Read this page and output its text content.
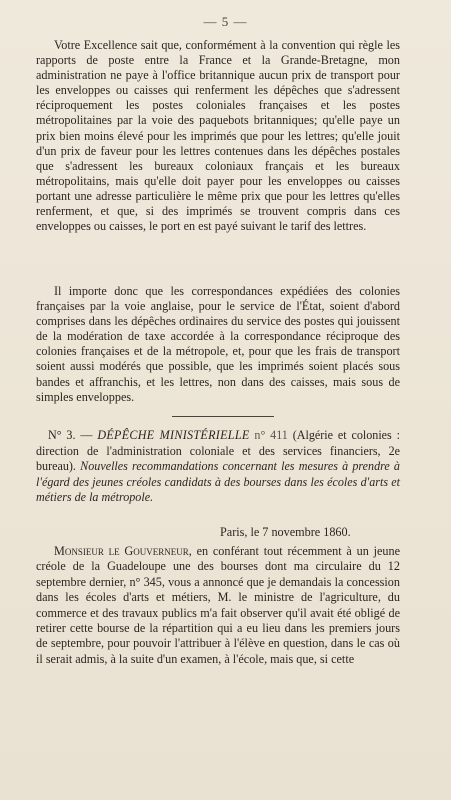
— 5 —

Votre Excellence sait que, conformément à la convention qui règle les rapports de poste entre la France et la Grande-Bretagne, mon administration ne paye à l'office britannique aucun prix de transport pour les enveloppes ou caisses qui renferment les dépêches que s'adressent réciproquement les postes coloniales françaises et les postes métropolitaines par la voie des paquebots britanniques; qu'elle paye un prix bien moins élevé pour les imprimés que pour les lettres; qu'elle jouit d'un prix de faveur pour les lettres contenues dans les dépêches postales que s'adressent les bureaux coloniaux français et les bureaux métropolitains, mais qu'elle doit payer pour les enveloppes ou caisses portant une adresse particulière le même prix que pour les lettres qu'elles renferment, et que, si des imprimés se trouvent compris dans ces enveloppes ou caisses, le port en est payé suivant le tarif des lettres.

Il importe donc que les correspondances expédiées des colonies françaises par la voie anglaise, pour le service de l'État, soient d'abord comprises dans les dépêches ordinaires du service des postes qui jouissent de la modération de taxe accordée à la correspondance réciproque des colonies françaises et de la métropole, et, pour que les frais de transport soient aussi modérés que possible, que les imprimés soient placés sous bandes et affranchis, et les lettres, non dans des caisses, mais sous de simples enveloppes.

N° 3. — DÉPÊCHE MINISTÉRIELLE n° 411 (Algérie et colonies : direction de l'administration coloniale et des services financiers, 2e bureau). Nouvelles recommandations concernant les mesures à prendre à l'égard des jeunes créoles candidats à des bourses dans les écoles d'arts et métiers de la métropole.

Paris, le 7 novembre 1860.

Monsieur le Gouverneur, en conférant tout récemment à un jeune créole de la Guadeloupe une des bourses dont ma circulaire du 12 septembre dernier, n° 345, vous a annoncé que je demandais la concession dans les écoles d'arts et métiers, M. le ministre de l'agriculture, du commerce et des travaux publics m'a fait observer qu'il avait été obligé de retirer cette bourse de la répartition qui a eu lieu dans les premiers jours de septembre, pour pouvoir l'attribuer à l'élève en question, dans le cas où il serait admis, à la suite d'un examen, à l'école, mais que, si cette
